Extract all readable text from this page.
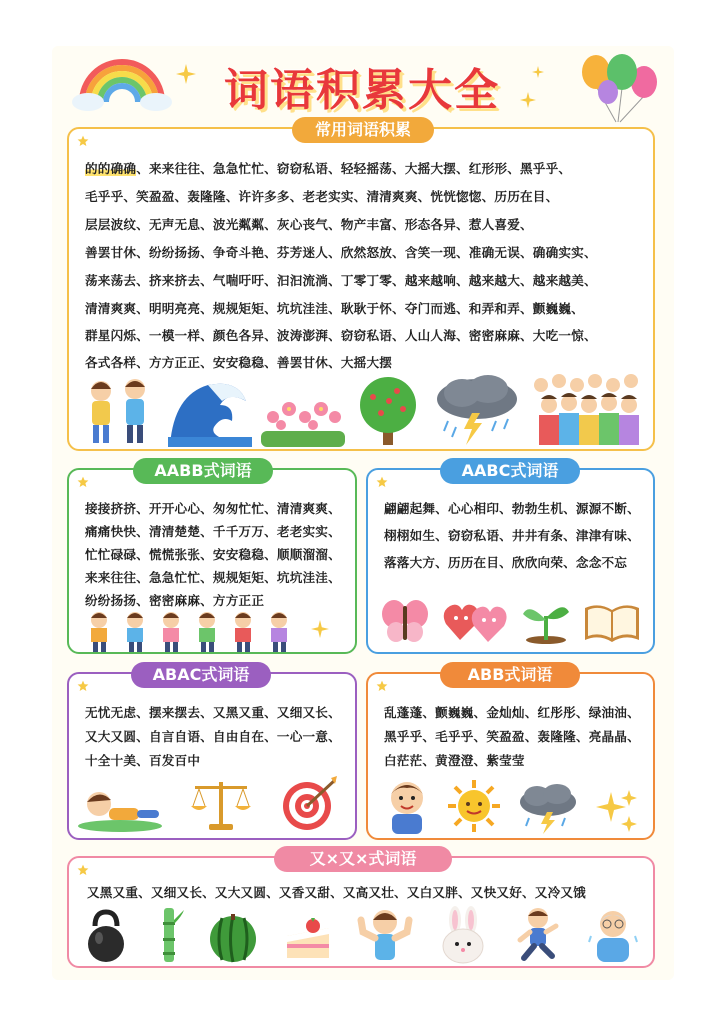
词语积累大全
常用词语积累
的的确确、来来往往、急急忙忙、窃窃私语、轻轻摇荡、大摇大摆、红形形、黑乎乎、
毛乎乎、笑盈盈、轰隆隆、许许多多、老老实实、清清爽爽、恍恍惚惚、历历在目、
层层波纹、无声无息、波光粼粼、灰心丧气、物产丰富、形态各异、惹人喜爱、
善罢甘休、纷纷扬扬、争奇斗艳、芬芳迷人、欣然怒放、含笑一现、准确无误、确确实实、
荡来荡去、挤来挤去、气喘吁吁、汩汩流淌、丁零丁零、越来越响、越来越大、越来越美、
清清爽爽、明明亮亮、规规矩矩、坑坑洼洼、耿耿于怀、夺门而逃、和弄和弄、颤巍巍、
群星闪烁、一模一样、颜色各异、波涛澎湃、窃窃私语、人山人海、密密麻麻、大吃一惊、
各式各样、方方正正、安安稳稳、善罢甘休、大摇大摆
AABB式词语
接接挤挤、开开心心、匆匆忙忙、清清爽爽、
痛痛快快、清清楚楚、千千万万、老老实实、
忙忙碌碌、慌慌张张、安安稳稳、顺顺溜溜、
来来往往、急急忙忙、规规矩矩、坑坑洼洼、
纷纷扬扬、密密麻麻、方方正正
AABC式词语
翩翩起舞、心心相印、勃勃生机、源源不断、
栩栩如生、窃窃私语、井井有条、津津有味、
落落大方、历历在目、欣欣向荣、念念不忘
ABAC式词语
无忧无虑、摆来摆去、又黑又重、又细又长、
又大又圆、自言自语、自由自在、一心一意、
十全十美、百发百中
ABB式词语
乱蓬蓬、颤巍巍、金灿灿、红彤彤、绿油油、
黑乎乎、毛乎乎、笑盈盈、轰隆隆、亮晶晶、
白茫茫、黄澄澄、紫莹莹
又×又×式词语
又黑又重、又细又长、又大又圆、又香又甜、又高又壮、又白又胖、又快又好、又冷又饿
